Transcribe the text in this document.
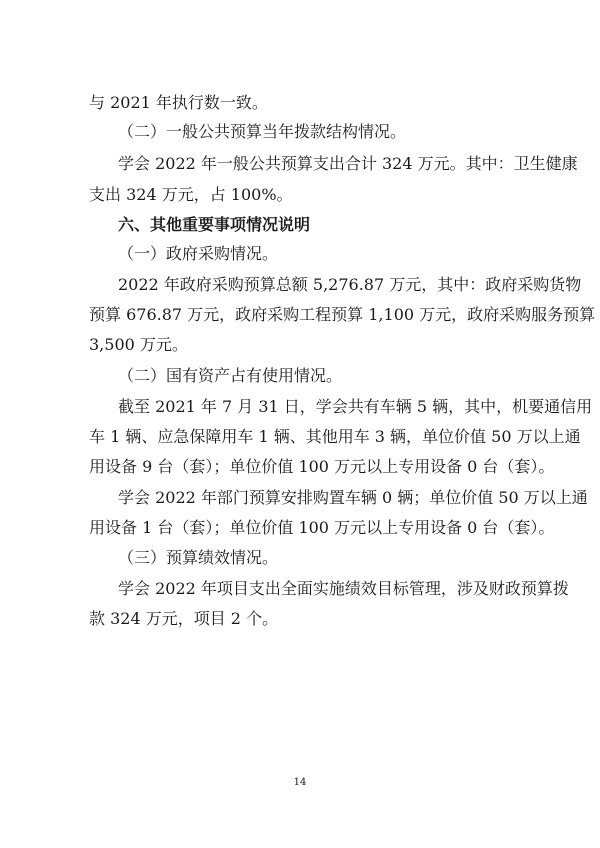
与 2021 年执行数一致。
（二）一般公共预算当年拨款结构情况。
学会 2022 年一般公共预算支出合计 324 万元。其中：卫生健康
支出 324 万元，占 100%。
六、其他重要事项情况说明
（一）政府采购情况。
2022 年政府采购预算总额 5,276.87 万元，其中：政府采购货物
预算 676.87 万元，政府采购工程预算 1,100 万元，政府采购服务预算
3,500 万元。
（二）国有资产占有使用情况。
截至 2021 年 7 月 31 日，学会共有车辆 5 辆，其中，机要通信用
车 1 辆、应急保障用车 1 辆、其他用车 3 辆，单位价值 50 万以上通
用设备 9 台（套）；单位价值 100 万元以上专用设备 0 台（套）。
学会 2022 年部门预算安排购置车辆 0 辆；单位价值 50 万以上通
用设备 1 台（套）；单位价值 100 万元以上专用设备 0 台（套）。
（三）预算绩效情况。
学会 2022 年项目支出全面实施绩效目标管理，涉及财政预算拨
款 324 万元，项目 2 个。
14
